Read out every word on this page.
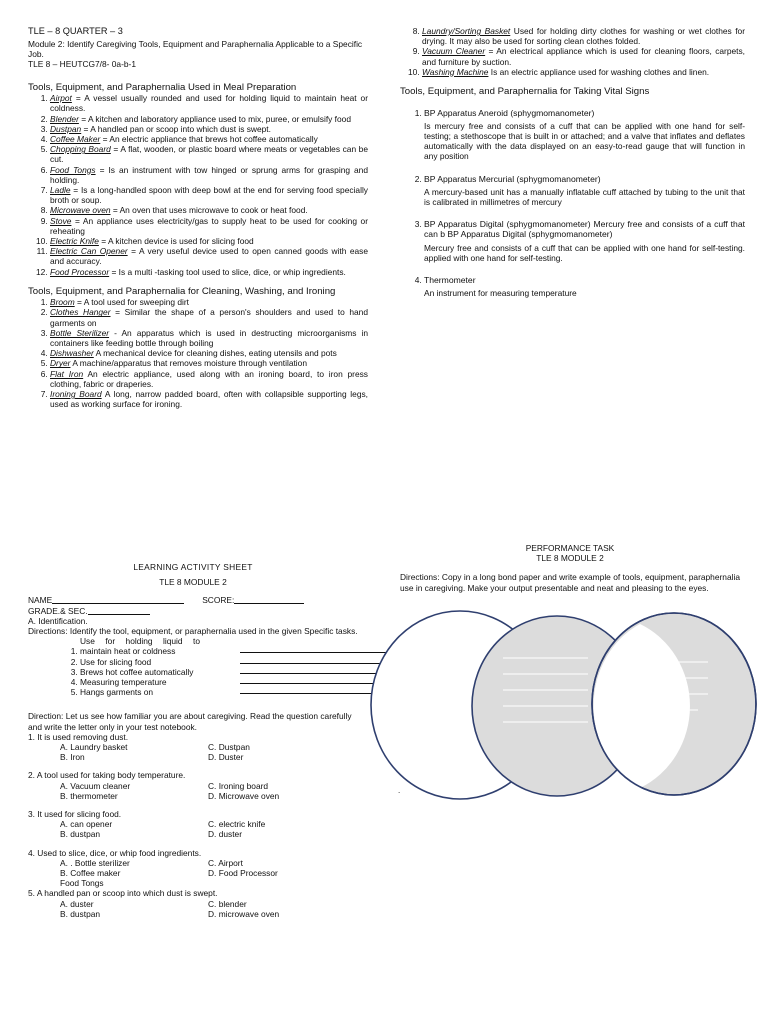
TLE – 8 QUARTER – 3
Module 2: Identify Caregiving Tools, Equipment and Paraphernalia Applicable to a Specific Job.
TLE 8 – HEUTCG7/8- 0a-b-1
Tools, Equipment, and Paraphernalia Used in Meal Preparation
1. Airpot = A vessel usually rounded and used for holding liquid to maintain heat or coldness.
2. Blender = A kitchen and laboratory appliance used to mix, puree, or emulsify food
3. Dustpan = A handled pan or scoop into which dust is swept.
4. Coffee Maker = An electric appliance that brews hot coffee automatically
5. Chopping Board = A flat, wooden, or plastic board where meats or vegetables can be cut.
6. Food Tongs = Is an instrument with tow hinged or sprung arms for grasping and holding.
7. Ladle = Is a long-handled spoon with deep bowl at the end for serving food specially broth or soup.
8. Microwave oven = An oven that uses microwave to cook or heat food.
9. Stove = An appliance uses electricity/gas to supply heat to be used for cooking or reheating
10. Electric Knife = A kitchen device is used for slicing food
11. Electric Can Opener = A very useful device used to open canned goods with ease and accuracy.
12. Food Processor = Is a multi -tasking tool used to slice, dice, or whip ingredients.
Tools, Equipment, and Paraphernalia for Cleaning, Washing, and Ironing
1. Broom = A tool used for sweeping dirt
2. Clothes Hanger = Similar the shape of a person's shoulders and used to hand garments on
3. Bottle Sterilizer - An apparatus which is used in destructing microorganisms in containers like feeding bottle through boiling
4. Dishwasher A mechanical device for cleaning dishes, eating utensils and pots
5. Dryer A machine/apparatus that removes moisture through ventilation
6. Flat Iron An electric appliance, used along with an ironing board, to iron press clothing, fabric or draperies.
7. Ironing Board A long, narrow padded board, often with collapsible supporting legs, used as working surface for ironing.
8. Laundry/Sorting Basket Used for holding dirty clothes for washing or wet clothes for drying. It may also be used for sorting clean clothes folded.
9. Vacuum Cleaner = An electrical appliance which is used for cleaning floors, carpets, and furniture by suction.
10. Washing Machine Is an electric appliance used for washing clothes and linen.
Tools, Equipment, and Paraphernalia for Taking Vital Signs
1. BP Apparatus Aneroid (sphygmomanometer)
Is mercury free and consists of a cuff that can be applied with one hand for self-testing; a stethoscope that is built in or attached; and a valve that inflates and deflates automatically with the data displayed on an easy-to-read gauge that will function in any position
2. BP Apparatus Mercurial (sphygmomanometer)
A mercury-based unit has a manually inflatable cuff attached by tubing to the unit that is calibrated in millimetres of mercury
3. BP Apparatus Digital (sphygmomanometer) Mercury free and consists of a cuff that can b BP Apparatus Digital (sphygmomanometer)
Mercury free and consists of a cuff that can be applied with one hand for self-testing. applied with one hand for self-testing.
4. Thermometer
An instrument for measuring temperature
LEARNING ACTIVITY SHEET
TLE 8 MODULE 2
NAME	SCORE:
GRADE.& SEC.
A. Identification.
Directions: Identify the tool, equipment, or paraphernalia used in the given Specific tasks.
1. Use for holding liquid to maintain heat or coldness
2. Use for slicing food
3. Brews hot coffee automatically
4. Measuring temperature
5. Hangs garments on
Direction: Let us see how familiar you are about caregiving. Read the question carefully and write the letter only in your test notebook.
1. It is used removing dust.
A. Laundry basket	C. Dustpan
B. Iron	D. Duster
2. A tool used for taking body temperature.
A. Vacuum cleaner	C. Ironing board
B. thermometer	D. Microwave oven
3. It used for slicing food.
A. can opener	C. electric knife
B. dustpan	D. duster
4. Used to slice, dice, or whip food ingredients.
A. . Bottle sterilizer	C. Airport
B. Coffee maker	D. Food Processor
Food Tongs
5. A handled pan or scoop into which dust is swept.
A. duster	C. blender
B. dustpan	D. microwave oven
PERFORMANCE TASK
TLE 8 MODULE 2
Directions: Copy in a long bond paper and write example of tools, equipment, paraphernalia use in caregiving. Make your output presentable and neat and pleasing to the eyes.
.
